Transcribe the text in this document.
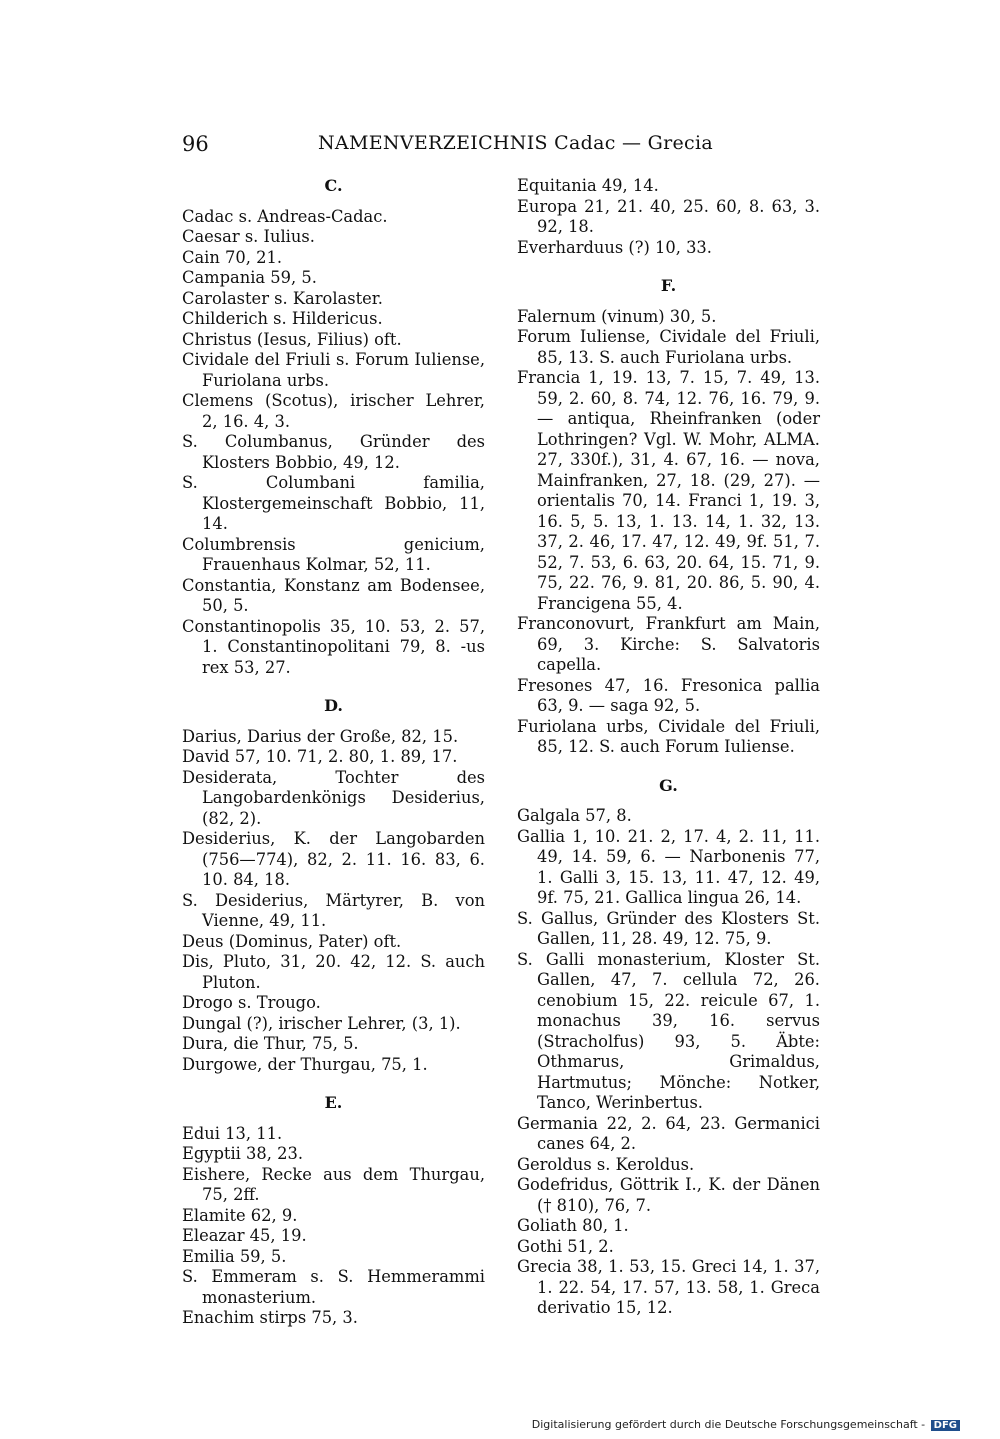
96	NAMENVERZEICHNIS Cadac — Grecia
C.
Cadac s. Andreas-Cadac.
Caesar s. Iulius.
Cain 70, 21.
Campania 59, 5.
Carolaster s. Karolaster.
Childerich s. Hildericus.
Christus (Iesus, Filius) oft.
Cividale del Friuli s. Forum Iuliense, Furiolana urbs.
Clemens (Scotus), irischer Lehrer, 2, 16. 4, 3.
S. Columbanus, Gründer des Klosters Bobbio, 49, 12.
S. Columbani familia, Klostergemeinschaft Bobbio, 11, 14.
Columbrensis genicium, Frauenhaus Kolmar, 52, 11.
Constantia, Konstanz am Bodensee, 50, 5.
Constantinopolis 35, 10. 53, 2. 57, 1. Constantinopolitani 79, 8. -us rex 53, 27.
D.
Darius, Darius der Große, 82, 15.
David 57, 10. 71, 2. 80, 1. 89, 17.
Desiderata, Tochter des Langobardenkönigs Desiderius, (82, 2).
Desiderius, K. der Langobarden (756—774), 82, 2. 11. 16. 83, 6. 10. 84, 18.
S. Desiderius, Märtyrer, B. von Vienne, 49, 11.
Deus (Dominus, Pater) oft.
Dis, Pluto, 31, 20. 42, 12. S. auch Pluton.
Drogo s. Trougo.
Dungal (?), irischer Lehrer, (3, 1).
Dura, die Thur, 75, 5.
Durgowe, der Thurgau, 75, 1.
E.
Edui 13, 11.
Egyptii 38, 23.
Eishere, Recke aus dem Thurgau, 75, 2ff.
Elamite 62, 9.
Eleazar 45, 19.
Emilia 59, 5.
S. Emmeram s. S. Hemmerammi monasterium.
Enachim stirps 75, 3.
Equitania 49, 14.
Europa 21, 21. 40, 25. 60, 8. 63, 3. 92, 18.
Everharduus (?) 10, 33.
F.
Falernum (vinum) 30, 5.
Forum Iuliense, Cividale del Friuli, 85, 13. S. auch Furiolana urbs.
Francia 1, 19. 13, 7. 15, 7. 49, 13. 59, 2. 60, 8. 74, 12. 76, 16. 79, 9. — antiqua, Rheinfranken (oder Lothringen? Vgl. W. Mohr, ALMA. 27, 330f.), 31, 4. 67, 16. — nova, Mainfranken, 27, 18. (29, 27). — orientalis 70, 14. Franci 1, 19. 3, 16. 5, 5. 13, 1. 13. 14, 1. 32, 13. 37, 2. 46, 17. 47, 12. 49, 9f. 51, 7. 52, 7. 53, 6. 63, 20. 64, 15. 71, 9. 75, 22. 76, 9. 81, 20. 86, 5. 90, 4. Francigena 55, 4.
Franconovurt, Frankfurt am Main, 69, 3. Kirche: S. Salvatoris capella.
Fresones 47, 16. Fresonica pallia 63, 9. — saga 92, 5.
Furiolana urbs, Cividale del Friuli, 85, 12. S. auch Forum Iuliense.
G.
Galgala 57, 8.
Gallia 1, 10. 21. 2, 17. 4, 2. 11, 11. 49, 14. 59, 6. — Narbonenis 77, 1. Galli 3, 15. 13, 11. 47, 12. 49, 9f. 75, 21. Gallica lingua 26, 14.
S. Gallus, Gründer des Klosters St. Gallen, 11, 28. 49, 12. 75, 9.
S. Galli monasterium, Kloster St. Gallen, 47, 7. cellula 72, 26. cenobium 15, 22. reicule 67, 1. monachus 39, 16. servus (Stracholfus) 93, 5. Äbte: Othmarus, Grimaldus, Hartmutus; Mönche: Notker, Tanco, Werinbertus.
Germania 22, 2. 64, 23. Germanici canes 64, 2.
Geroldus s. Keroldus.
Godefridus, Göttrik I., K. der Dänen († 810), 76, 7.
Goliath 80, 1.
Gothi 51, 2.
Grecia 38, 1. 53, 15. Greci 14, 1. 37, 1. 22. 54, 17. 57, 13. 58, 1. Greca derivatio 15, 12.
Digitalisierung gefördert durch die Deutsche Forschungsgemeinschaft - DFG
